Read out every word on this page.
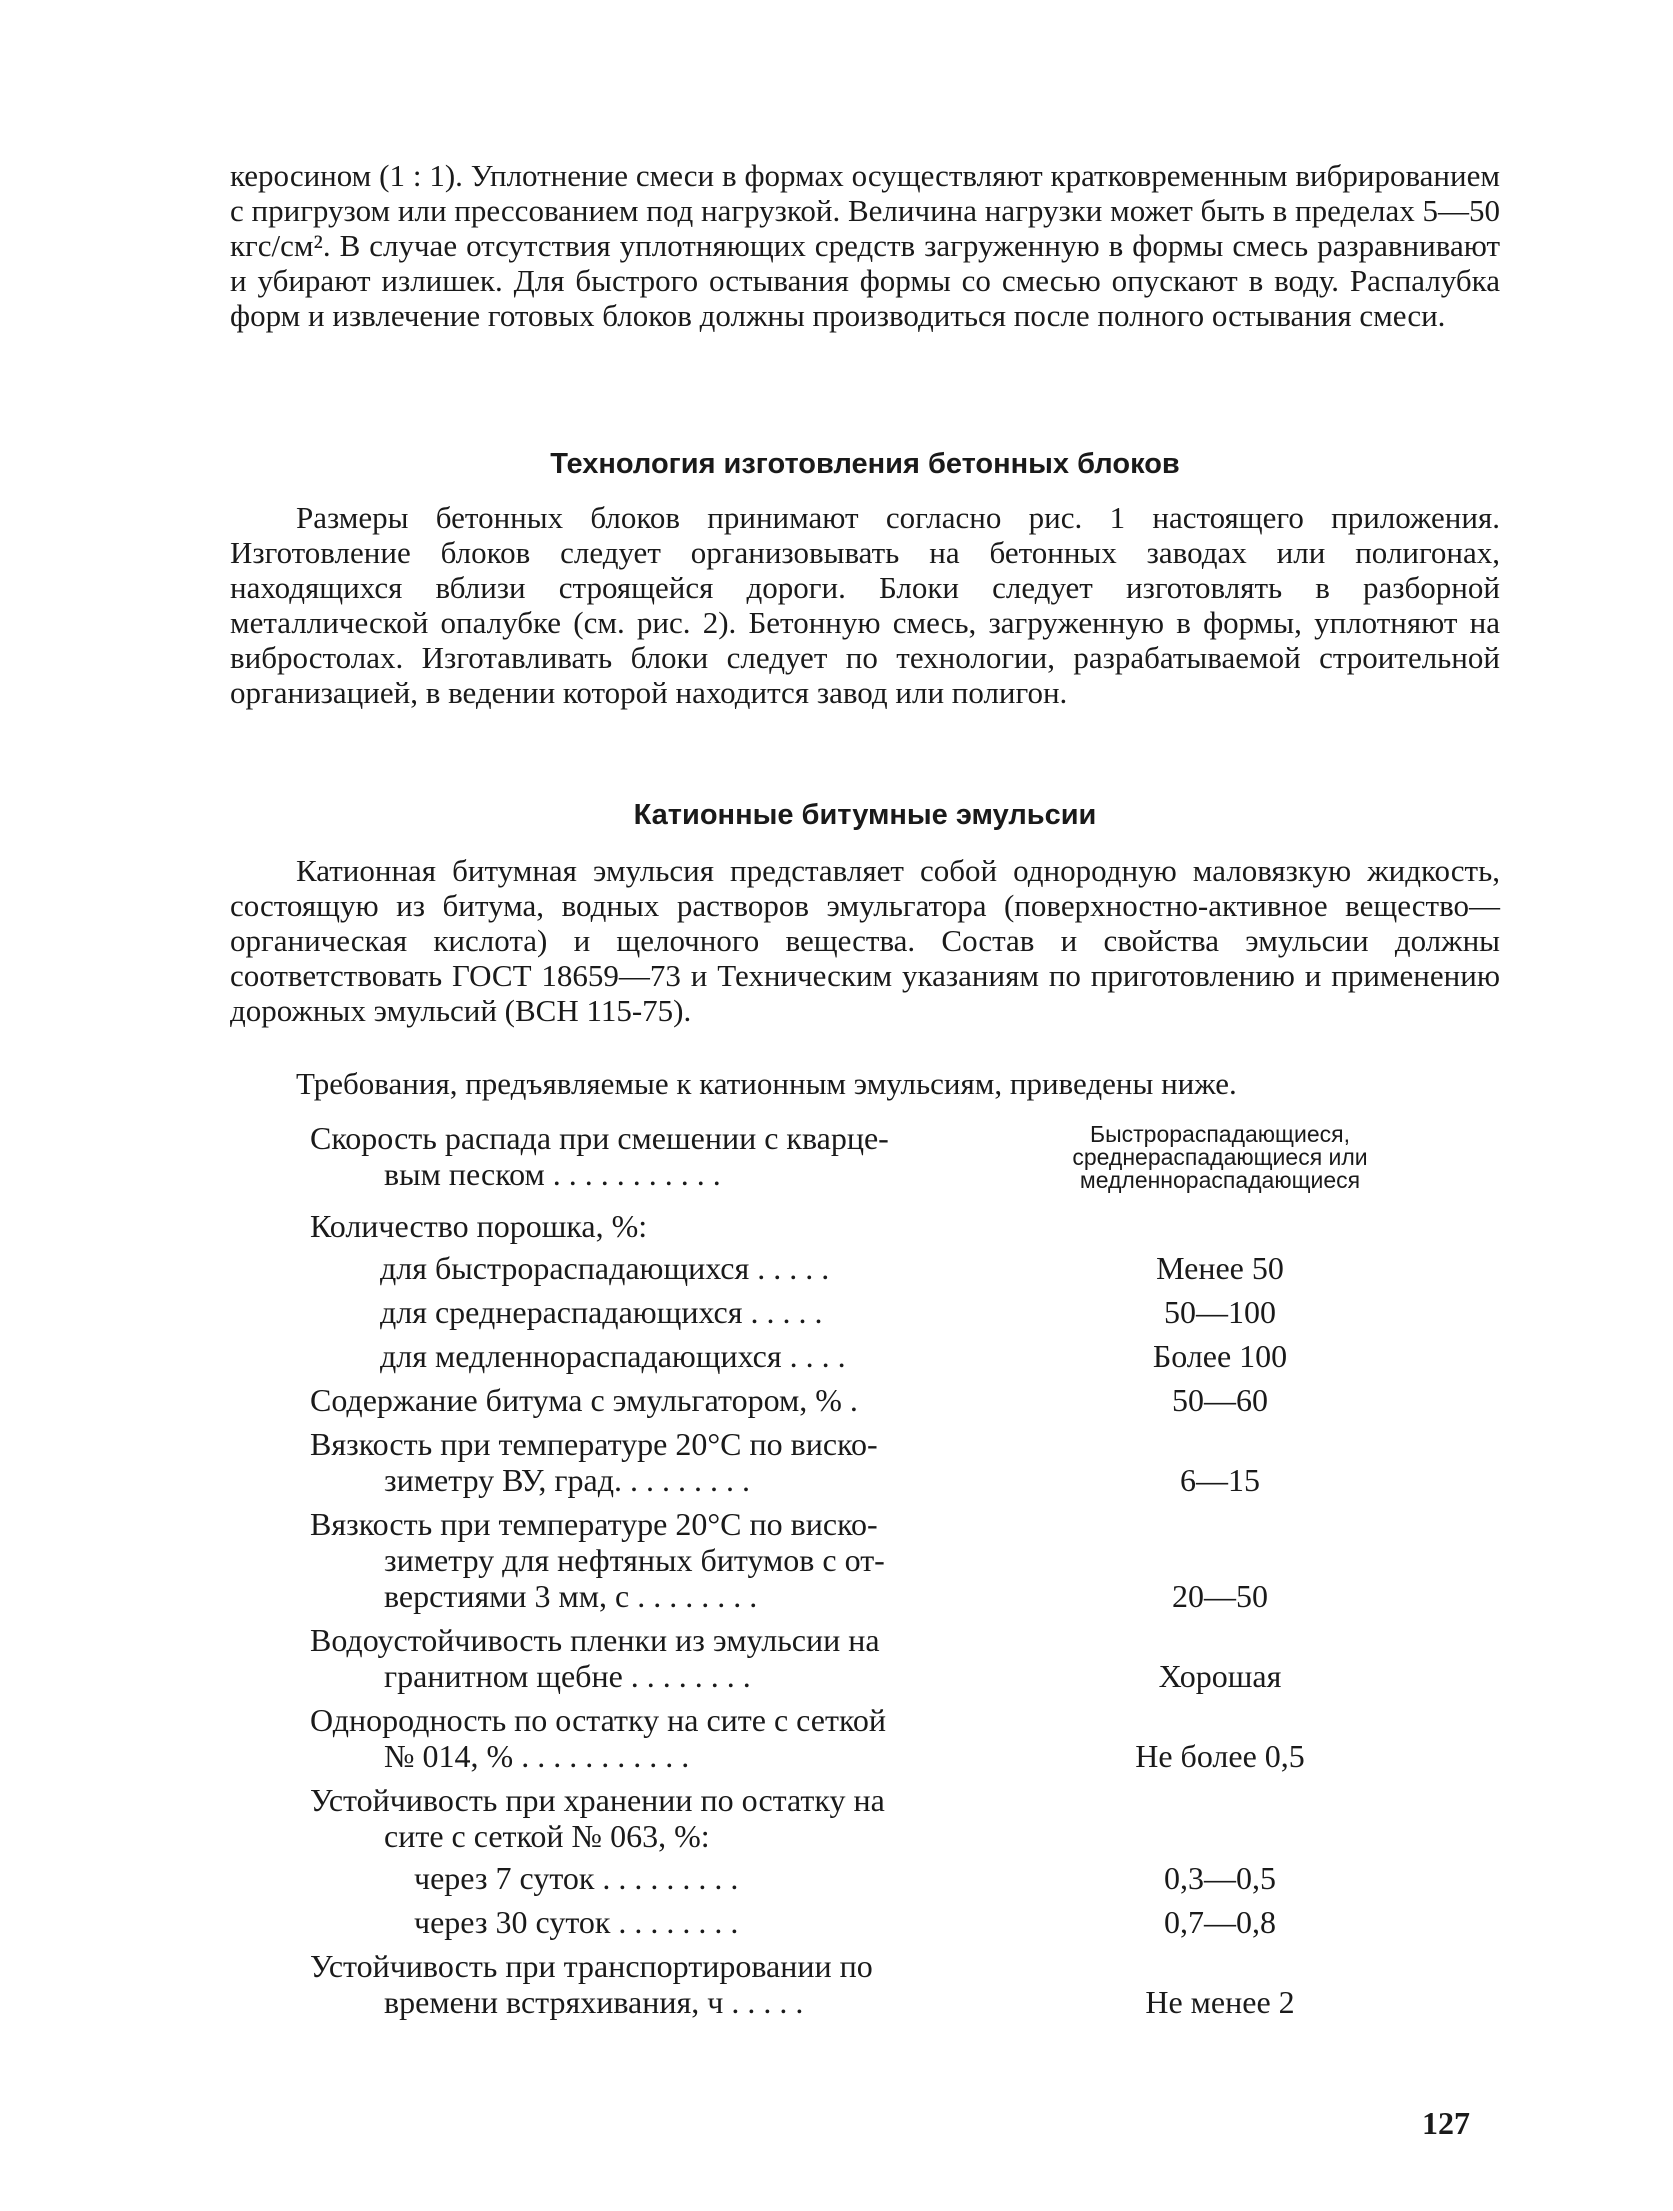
керосином (1 : 1). Уплотнение смеси в формах осуществляют кратковременным вибрированием с пригрузом или прессованием под нагрузкой. Величина нагрузки может быть в пределах 5—50 кгс/см². В случае отсутствия уплотняющих средств загруженную в формы смесь разравнивают и убирают излишек. Для быстрого остывания формы со смесью опускают в воду. Распалубка форм и извлечение готовых блоков должны производиться после полного остывания смеси.

Технология изготовления бетонных блоков

Размеры бетонных блоков принимают согласно рис. 1 настоящего приложения. Изготовление блоков следует организовывать на бетонных заводах или полигонах, находящихся вблизи строящейся дороги. Блоки следует изготовлять в разборной металлической опалубке (см. рис. 2). Бетонную смесь, загруженную в формы, уплотняют на вибростолах. Изготавливать блоки следует по технологии, разрабатываемой строительной организацией, в ведении которой находится завод или полигон.

Катионные битумные эмульсии

Катионная битумная эмульсия представляет собой однородную маловязкую жидкость, состоящую из битума, водных растворов эмульгатора (поверхностно-активное вещество—органическая кислота) и щелочного вещества. Состав и свойства эмульсии должны соответствовать ГОСТ 18659—73 и Техническим указаниям по приготовлению и применению дорожных эмульсий (ВСН 115-75).

Требования, предъявляемые к катионным эмульсиям, приведены ниже.

Скорость распада при смешении с кварце-
вым песком . . . . . . . . . . .
Быстрораспадающиеся, среднераспадающиеся или медленнораспадающиеся
Количество порошка, %:
для быстрораспадающихся . . . . .	Менее 50
для среднераспадающихся . . . . .	50—100
для медленнораспадающихся . . . .	Более 100
Содержание битума с эмульгатором, % .	50—60
Вязкость при температуре 20°С по виско-
зиметру ВУ, град. . . . . . . . .	6—15
Вязкость при температуре 20°С по виско-
зиметру для нефтяных битумов с от-
верстиями 3 мм, с . . . . . . . .	20—50
Водоустойчивость пленки из эмульсии на
гранитном щебне . . . . . . . .	Хорошая
Однородность по остатку на сите с сеткой
№ 014, % . . . . . . . . . . .	Не более 0,5
Устойчивость при хранении по остатку на
сите с сеткой № 063, %:
через 7 суток . . . . . . . . .	0,3—0,5
через 30 суток . . . . . . . .	0,7—0,8
Устойчивость при транспортировании по
времени встряхивания, ч . . . . .	Не менее 2
127
